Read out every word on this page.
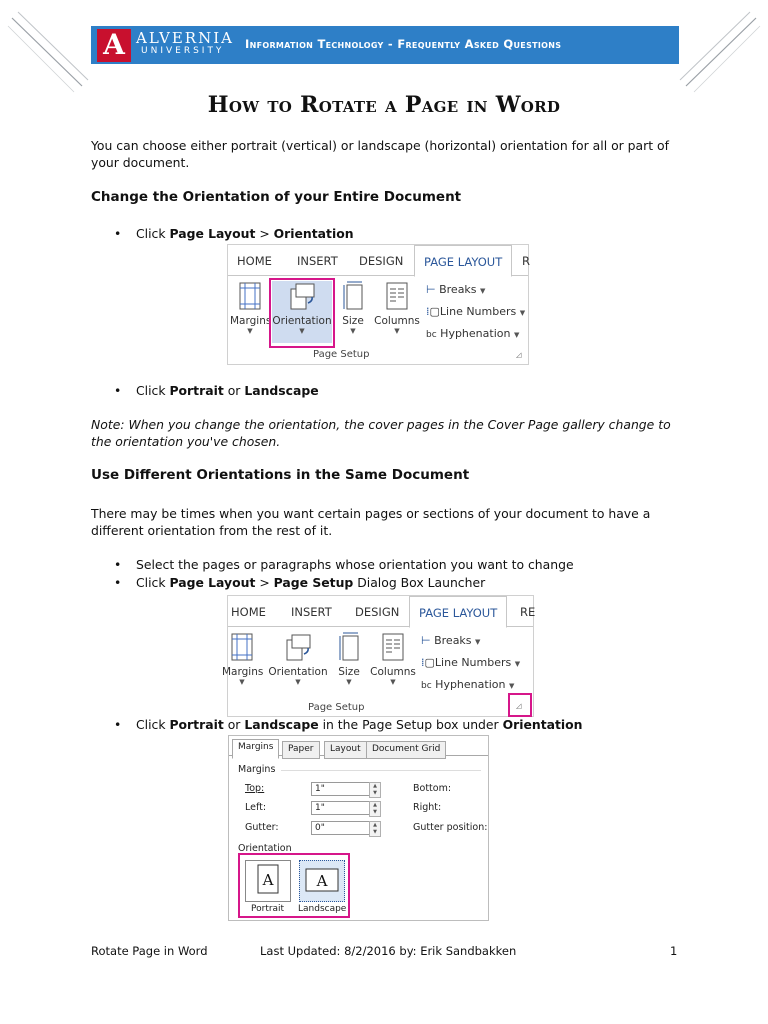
A ALVERNIA
UNIVERSITY Information Technology - Frequently Asked Questions
How to Rotate a Page in Word
You can choose either portrait (vertical) or landscape (horizontal) orientation for all or part of
your document.
Change the Orientation of your Entire Document
• Click Page Layout > Orientation
HOME INSERT DESIGN	PAGE LAYOUT	R
Margins
▼
Orientation
▼
Size
▼
Columns
▼
⊢ Breaks ▼
⁞▢Line Numbers ▼
bc Hyphenation ▼
Page Setup	◿
• Click Portrait or Landscape
Note: When you change the orientation, the cover pages in the Cover Page gallery change to
the orientation you've chosen.
Use Different Orientations in the Same Document
There may be times when you want certain pages or sections of your document to have a
different orientation from the rest of it.
• Select the pages or paragraphs whose orientation you want to change
• Click Page Layout > Page Setup Dialog Box Launcher
HOME INSERT DESIGN	PAGE LAYOUT	RE
Margins
▼
Orientation
▼
Size
▼
Columns
▼
⊢ Breaks ▼
⁞▢Line Numbers ▼
bc Hyphenation ▼
Page Setup	◿
• Click Portrait or Landscape in the Page Setup box under Orientation
Margins	Paper	Layout	Document Grid
Margins
Top:	1"	▲
▼	Bottom:
Left:	1"	▲
▼	Right:
Gutter:	0"	▲
▼	Gutter position:
Orientation
A
Portrait
A
Landscape
Rotate Page in Word	Last Updated: 8/2/2016 by: Erik Sandbakken	1
